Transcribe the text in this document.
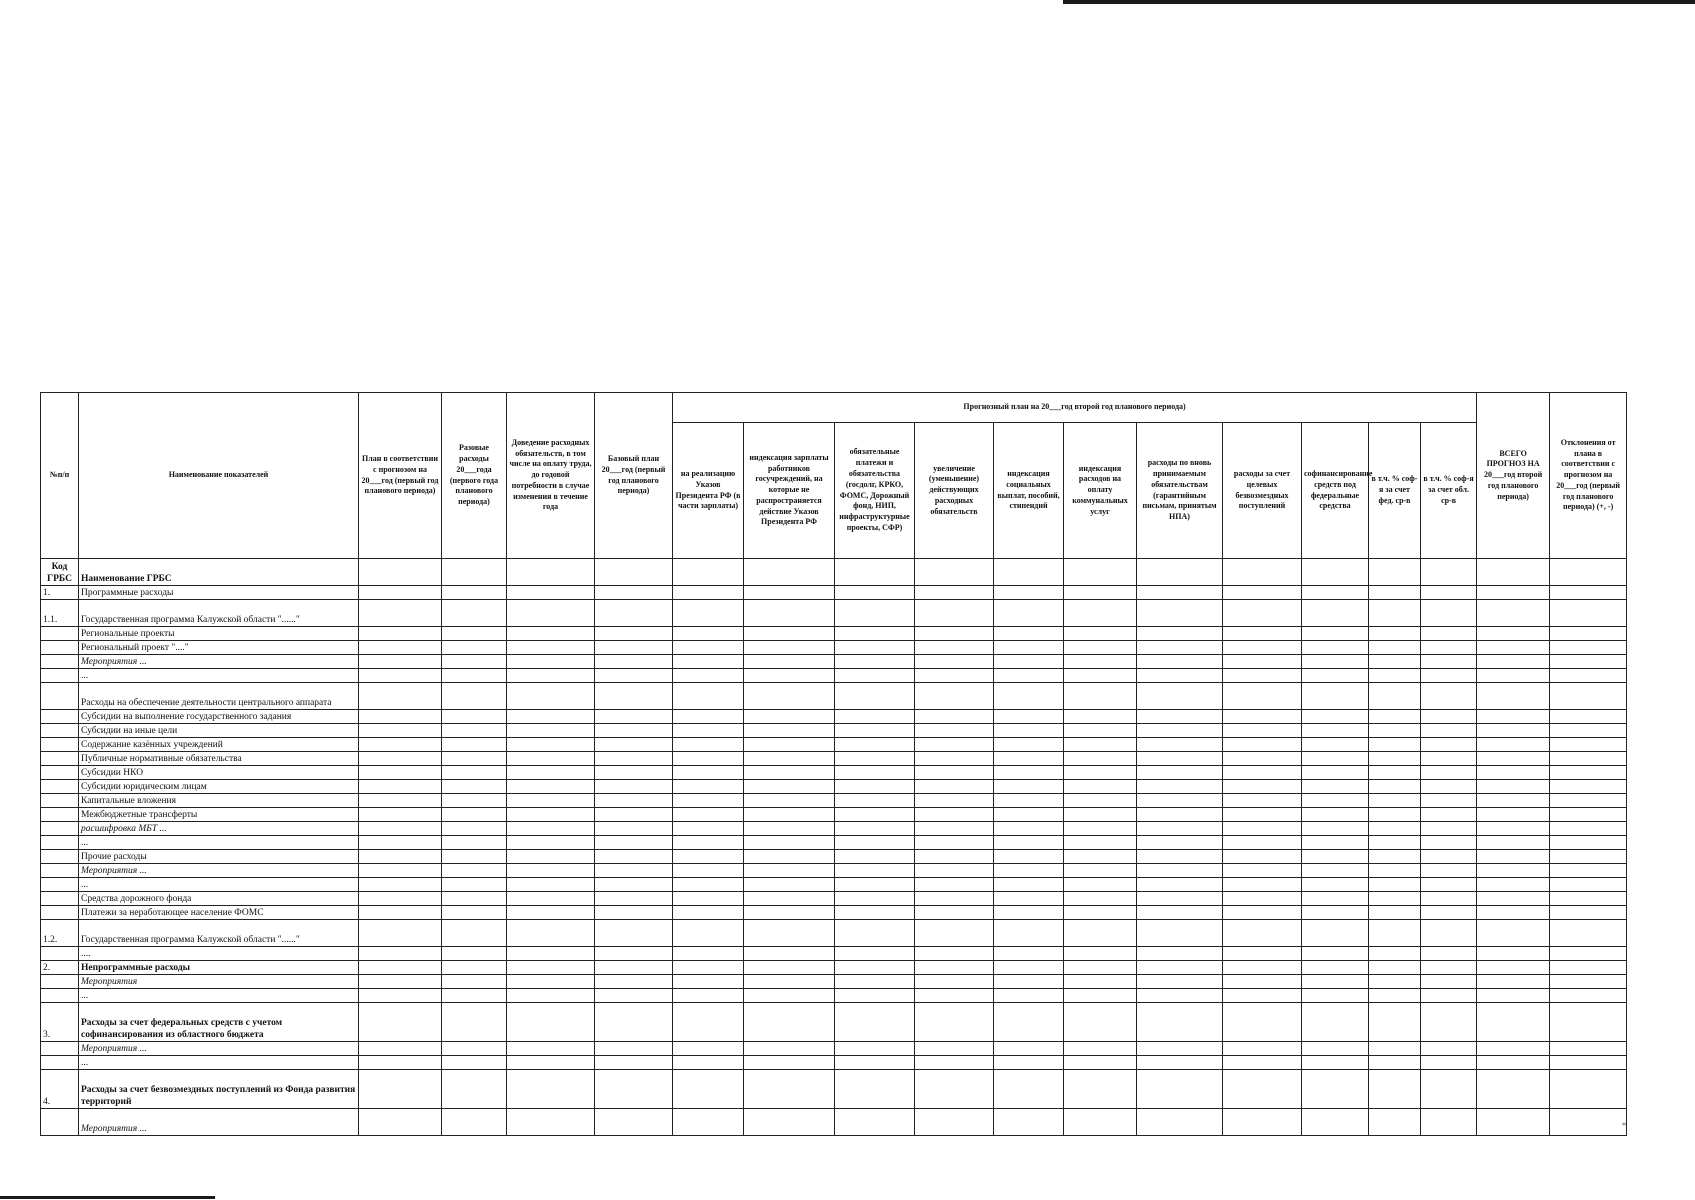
"
№п/п	Наименование показателей	План в соответствии с прогнозом на 20___год (первый год планового периода)	Разовые расходы 20___года (первого года планового периода)	Доведение расходных обязательств, в том числе на оплату труда, до годовой потребности в случае изменения в течение года	Базовый план 20___год (первый год планового периода)	Прогнозный план на 20___год второй год планового периода)											ВСЕГО ПРОГНОЗ НА 20___год второй год планового периода)	Отклонения от плана в соответствии с прогнозом на 20___год (первый год планового периода) (+, -)
						на реализацию Указов Президента РФ (в части зарплаты)	индексация зарплаты работников госучреждений, на которые не распространяется действие Указов Президента РФ	обязательные платежи и обязательства (госдолг, КРКО, ФОМС, Дорожный фонд, НИП, инфраструктурные проекты, СФР)	увеличение (уменьшение) действующих расходных обязательств	индексация социальных выплат, пособий, стипендий	индексация расходов на оплату коммунальных услуг	расходы по вновь принимаемым обязательствам (гарантийным письмам, принятым НПА)	расходы за счет целевых безвозмездных поступлений	софинансирование средств под федеральные средства	в т.ч. % соф-я за счет фед. ср-в	в т.ч. % соф-я за счет обл. ср-в		
Код ГРБС	Наименование ГРБС																	
1.	Программные расходы																	
1.1.	Государственная программа Калужской области "......"																	
	Региональные проекты																	
	Региональный проект "...."																	
	Мероприятия ...																	
	...																	
	Расходы на обеспечение деятельности центрального аппарата																	
	Субсидии на выполнение государственного задания																	
	Субсидии на иные цели																	
	Содержание казённых учреждений																	
	Публичные нормативные обязательства																	
	Субсидии НКО																	
	Субсидии юридическим лицам																	
	Капитальные вложения																	
	Межбюджетные трансферты																	
	расшифровка МБТ ...																	
	...																	
	Прочие расходы																	
	Мероприятия ...																	
	...																	
	Средства дорожного фонда																	
	Платежи за неработающее население ФОМС																	
1.2.	Государственная программа Калужской области "......"																	
	....																	
2.	Непрограммные расходы																	
	Мероприятия																	
	...																	
3.	Расходы за счет федеральных средств с учетом софинансирования из областного бюджета																	
	Мероприятия ...																	
	...																	
4.	Расходы за счет безвозмездных поступлений из Фонда развития территорий																	
	Мероприятия ...																	
